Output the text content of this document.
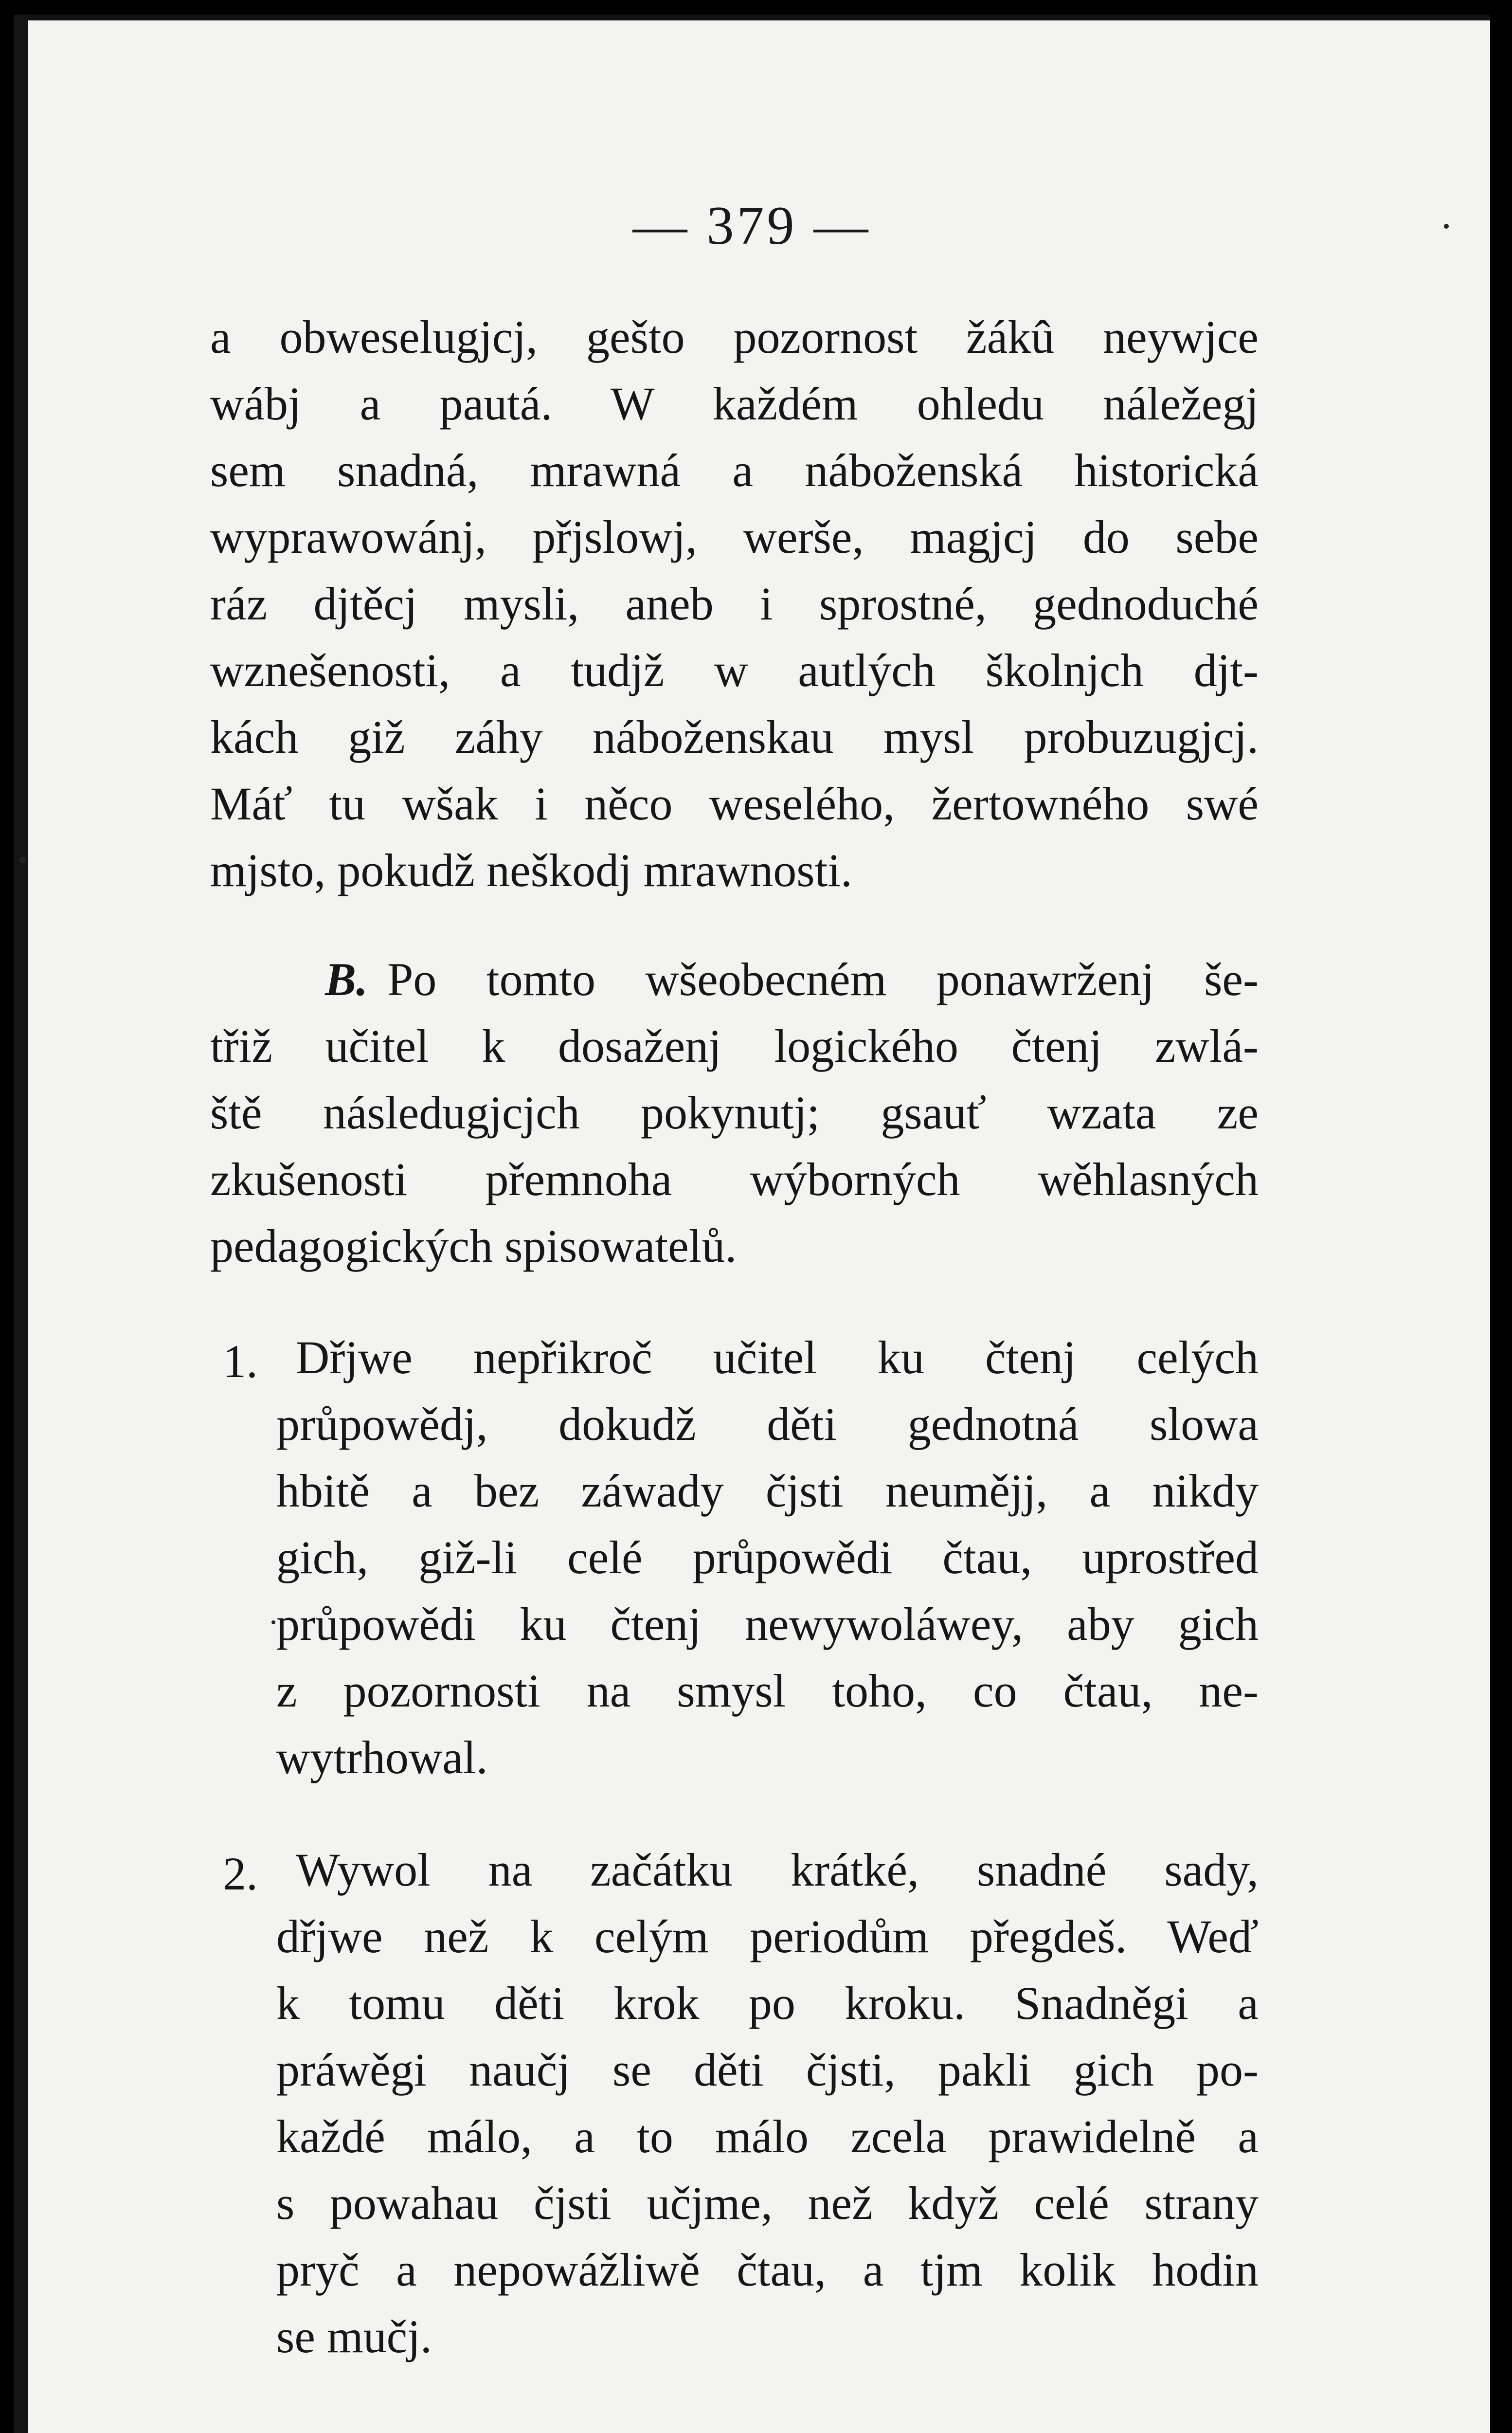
— 379 —
a obweselugjcj, gešto pozornost žákû neywjce
wábj a pautá. W každém ohledu náležegj
sem snadná, mrawná a náboženská historická
wyprawowánj, přjslowj, werše, magjcj do sebe
ráz djtěcj mysli, aneb i sprostné, gednoduché
wznešenosti, a tudjž w autlých školnjch djt-
kách giž záhy náboženskau mysl probuzugjcj.
Máť tu wšak i něco weselého, žertowného swé
mjsto, pokudž neškodj mrawnosti.
B. Po tomto wšeobecném ponawrženj še-
třiž učitel k dosaženj logického čtenj zwlá-
ště následugjcjch pokynutj; gsauť wzata ze
zkušenosti přemnoha wýborných wěhlasných
pedagogických spisowatelů.
1. Dřjwe nepřikroč učitel ku čtenj celých
průpowědj, dokudž děti gednotná slowa
hbitě a bez záwady čjsti neumějj, a nikdy
gich, giž-li celé průpowědi čtau, uprostřed
průpowědi ku čtenj newywoláwey, aby gich
z pozornosti na smysl toho, co čtau, ne-
wytrhowal.
2. Wywol na začátku krátké, snadné sady,
dřjwe než k celým periodům přegdeš. Weď
k tomu děti krok po kroku. Snadněgi a
práwěgi naučj se děti čjsti, pakli gich po-
každé málo, a to málo zcela prawidelně a
s powahau čjsti učjme, než když celé strany
pryč a nepowážliwě čtau, a tjm kolik hodin
se mučj.
